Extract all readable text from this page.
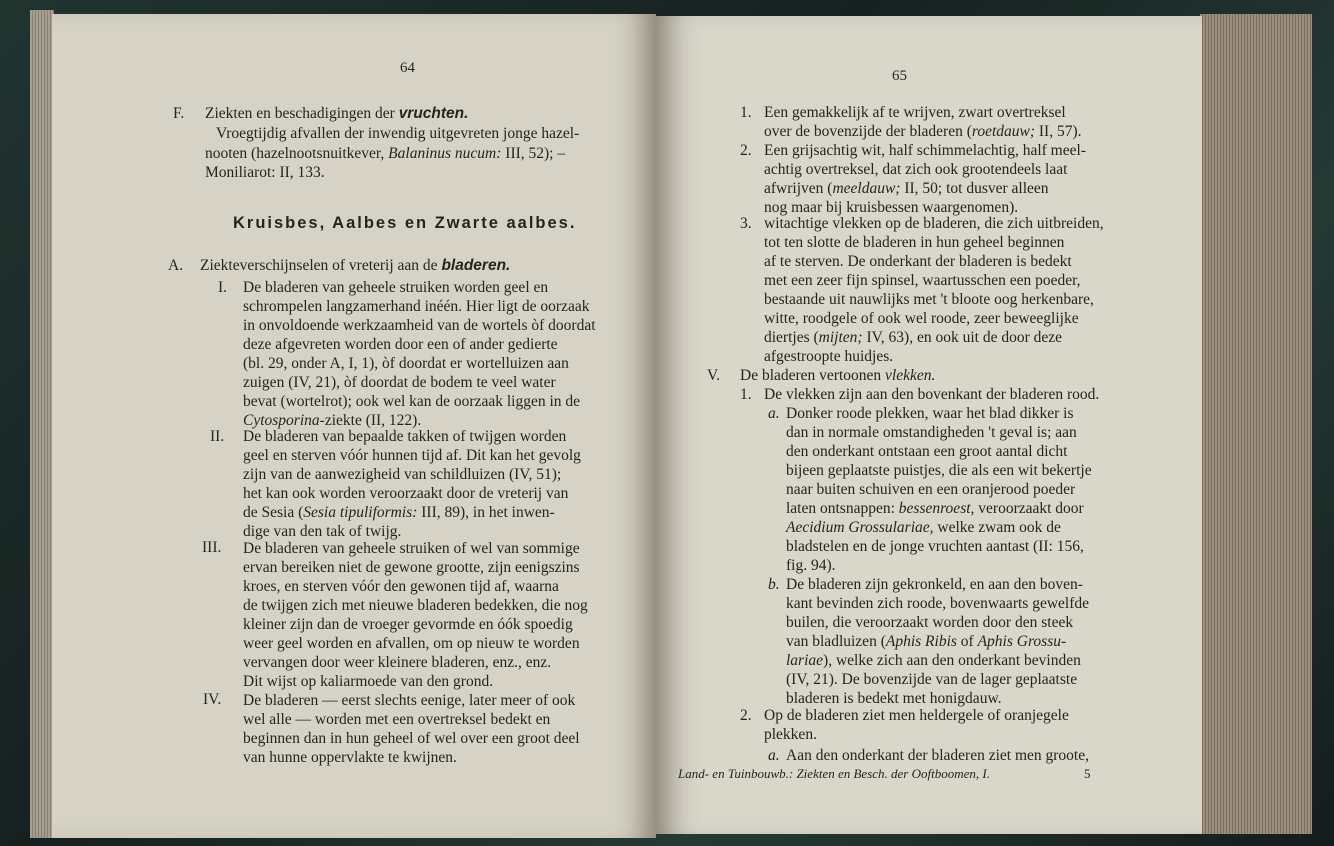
64
F. Ziekten en beschadigingen der vruchten.
Vroegtijdig afvallen der inwendig uitgevreten jonge hazel-
nooten (hazelnootsnuitkever, Balaninus nucum: III, 52); –
Moniliarot: II, 133.
Kruisbes, Aalbes en Zwarte aalbes.
A. Ziekteverschijnselen of vreterij aan de bladeren.
I. De bladeren van geheele struiken worden geel en
schrompelen langzamerhand inéén. Hier ligt de oorzaak
in onvoldoende werkzaamheid van de wortels òf doordat
deze afgevreten worden door een of ander gedierte
(bl. 29, onder A, I, 1), òf doordat er wortelluizen aan
zuigen (IV, 21), òf doordat de bodem te veel water
bevat (wortelrot); ook wel kan de oorzaak liggen in de
Cytosporina-ziekte (II, 122).
II. De bladeren van bepaalde takken of twijgen worden
geel en sterven vóór hunnen tijd af. Dit kan het gevolg
zijn van de aanwezigheid van schildluizen (IV, 51);
het kan ook worden veroorzaakt door de vreterij van
de Sesia (Sesia tipuliformis: III, 89), in het inwen-
dige van den tak of twijg.
III. De bladeren van geheele struiken of wel van sommige
ervan bereiken niet de gewone grootte, zijn eenigszins
kroes, en sterven vóór den gewonen tijd af, waarna
de twijgen zich met nieuwe bladeren bedekken, die nog
kleiner zijn dan de vroeger gevormde en óók spoedig
weer geel worden en afvallen, om op nieuw te worden
vervangen door weer kleinere bladeren, enz., enz.
Dit wijst op kaliarmoede van den grond.
IV. De bladeren — eerst slechts eenige, later meer of ook
wel alle — worden met een overtreksel bedekt en
beginnen dan in hun geheel of wel over een groot deel
van hunne oppervlakte te kwijnen.
65
1. Een gemakkelijk af te wrijven, zwart overtreksel
over de bovenzijde der bladeren (roetdauw; II, 57).
2. Een grijsachtig wit, half schimmelachtig, half meel-
achtig overtreksel, dat zich ook grootendeels laat
afwrijven (meeldauw; II, 50; tot dusver alleen
nog maar bij kruisbessen waargenomen).
3. witachtige vlekken op de bladeren, die zich uitbreiden,
tot ten slotte de bladeren in hun geheel beginnen
af te sterven. De onderkant der bladeren is bedekt
met een zeer fijn spinsel, waartusschen een poeder,
bestaande uit nauwlijks met 't bloote oog herkenbare,
witte, roodgele of ook wel roode, zeer beweeglijke
diertjes (mijten; IV, 63), en ook uit de door deze
afgestroopte huidjes.
V. De bladeren vertoonen vlekken.
1. De vlekken zijn aan den bovenkant der bladeren rood.
a. Donker roode plekken, waar het blad dikker is
dan in normale omstandigheden 't geval is; aan
den onderkant ontstaan een groot aantal dicht
bijeen geplaatste puistjes, die als een wit bekertje
naar buiten schuiven en een oranjerood poeder
laten ontsnappen: bessenroest, veroorzaakt door
Aecidium Grossulariae, welke zwam ook de
bladstelen en de jonge vruchten aantast (II: 156,
fig. 94).
b. De bladeren zijn gekronkeld, en aan den boven-
kant bevinden zich roode, bovenwaarts gewelfde
builen, die veroorzaakt worden door den steek
van bladluizen (Aphis Ribis of Aphis Grossu-
lariae), welke zich aan den onderkant bevinden
(IV, 21). De bovenzijde van de lager geplaatste
bladeren is bedekt met honigdauw.
2. Op de bladeren ziet men heldergele of oranjegele
plekken.
a. Aan den onderkant der bladeren ziet men groote,
Land- en Tuinbouwb.: Ziekten en Besch. der Ooftboomen, I.	5
